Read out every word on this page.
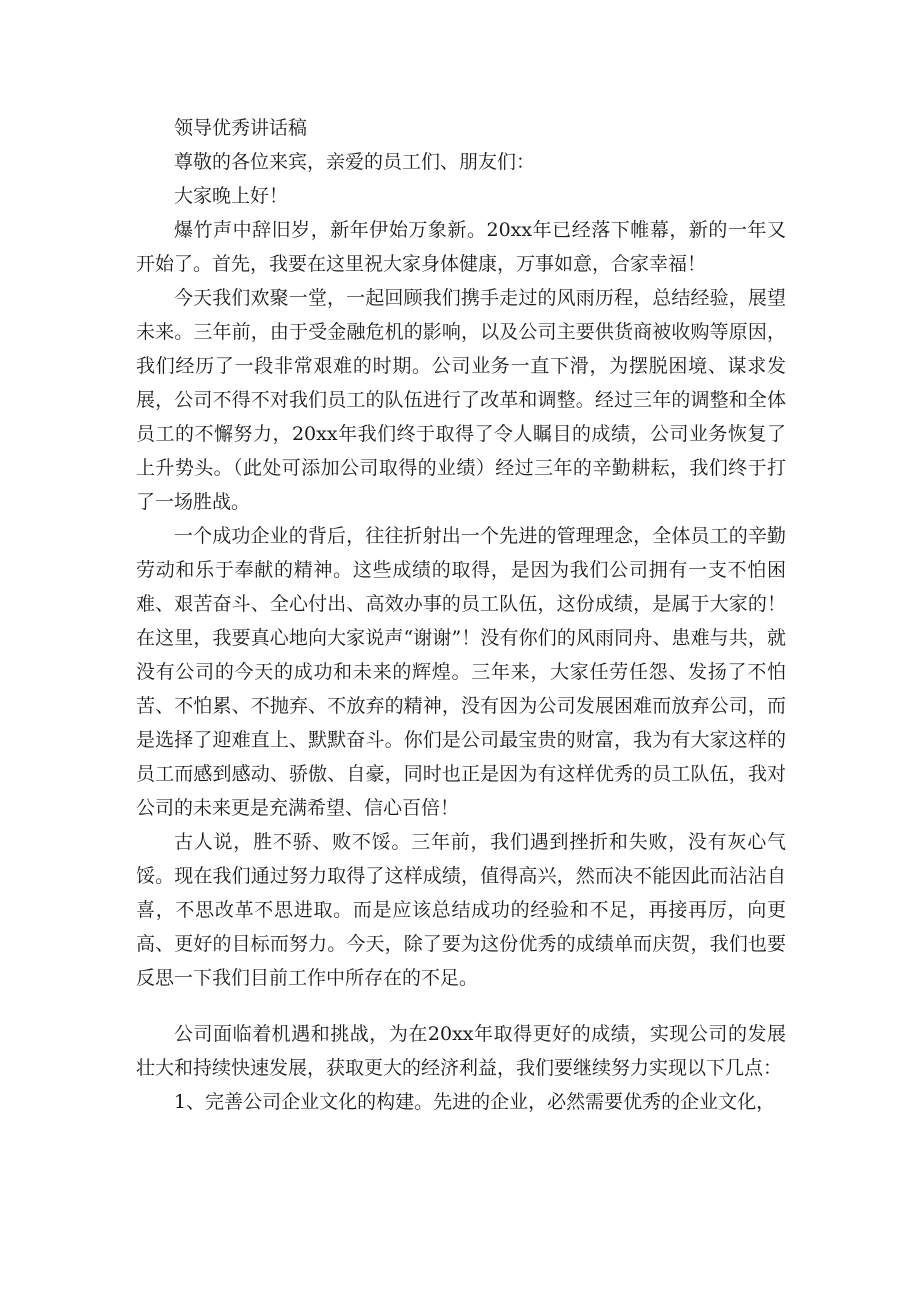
领导优秀讲话稿

尊敬的各位来宾，亲爱的员工们、朋友们：

大家晚上好！

爆竹声中辞旧岁，新年伊始万象新。20xx年已经落下帷幕，新的一年又开始了。首先，我要在这里祝大家身体健康，万事如意，合家幸福！

今天我们欢聚一堂，一起回顾我们携手走过的风雨历程，总结经验，展望未来。三年前，由于受金融危机的影响，以及公司主要供货商被收购等原因，我们经历了一段非常艰难的时期。公司业务一直下滑，为摆脱困境、谋求发展，公司不得不对我们员工的队伍进行了改革和调整。经过三年的调整和全体员工的不懈努力，20xx年我们终于取得了令人瞩目的成绩，公司业务恢复了上升势头。（此处可添加公司取得的业绩）经过三年的辛勤耕耘，我们终于打了一场胜战。

一个成功企业的背后，往往折射出一个先进的管理理念，全体员工的辛勤劳动和乐于奉献的精神。这些成绩的取得，是因为我们公司拥有一支不怕困难、艰苦奋斗、全心付出、高效办事的员工队伍，这份成绩，是属于大家的！在这里，我要真心地向大家说声“谢谢”！没有你们的风雨同舟、患难与共，就没有公司的今天的成功和未来的辉煌。三年来，大家任劳任怨、发扬了不怕苦、不怕累、不抛弃、不放弃的精神，没有因为公司发展困难而放弃公司，而是选择了迎难直上、默默奋斗。你们是公司最宝贵的财富，我为有大家这样的员工而感到感动、骄傲、自豪，同时也正是因为有这样优秀的员工队伍，我对公司的未来更是充满希望、信心百倍！

古人说，胜不骄、败不馁。三年前，我们遇到挫折和失败，没有灰心气馁。现在我们通过努力取得了这样成绩，值得高兴，然而决不能因此而沾沾自喜，不思改革不思进取。而是应该总结成功的经验和不足，再接再厉，向更高、更好的目标而努力。今天，除了要为这份优秀的成绩单而庆贺，我们也要反思一下我们目前工作中所存在的不足。

公司面临着机遇和挑战，为在20xx年取得更好的成绩，实现公司的发展壮大和持续快速发展，获取更大的经济利益，我们要继续努力实现以下几点：

1、完善公司企业文化的构建。先进的企业，必然需要优秀的企业文化，
